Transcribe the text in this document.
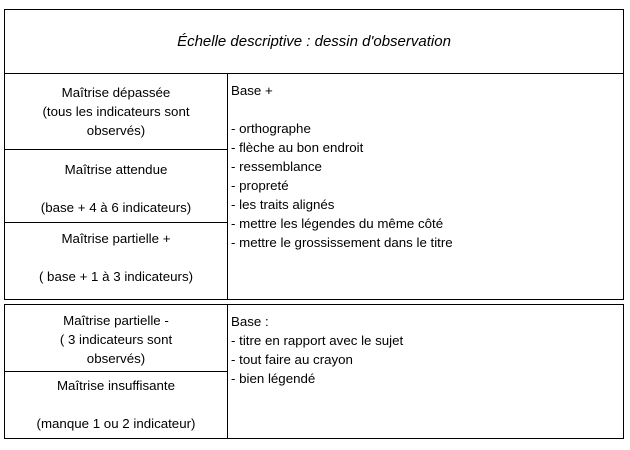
Échelle descriptive : dessin d'observation
Maîtrise dépassée
(tous les indicateurs sont
observés)
Maîtrise attendue
(base + 4 à 6 indicateurs)
Maîtrise partielle +
( base + 1 à 3 indicateurs)
Maîtrise partielle -
( 3 indicateurs sont
observés)
Maîtrise insuffisante
(manque 1 ou 2 indicateur)
Base +
- orthographe
- flèche au bon endroit
- ressemblance
- propreté
- les traits alignés
- mettre les légendes du même côté
- mettre le grossissement dans le titre
Base :
- titre en rapport avec le sujet
- tout faire au crayon
- bien légendé
